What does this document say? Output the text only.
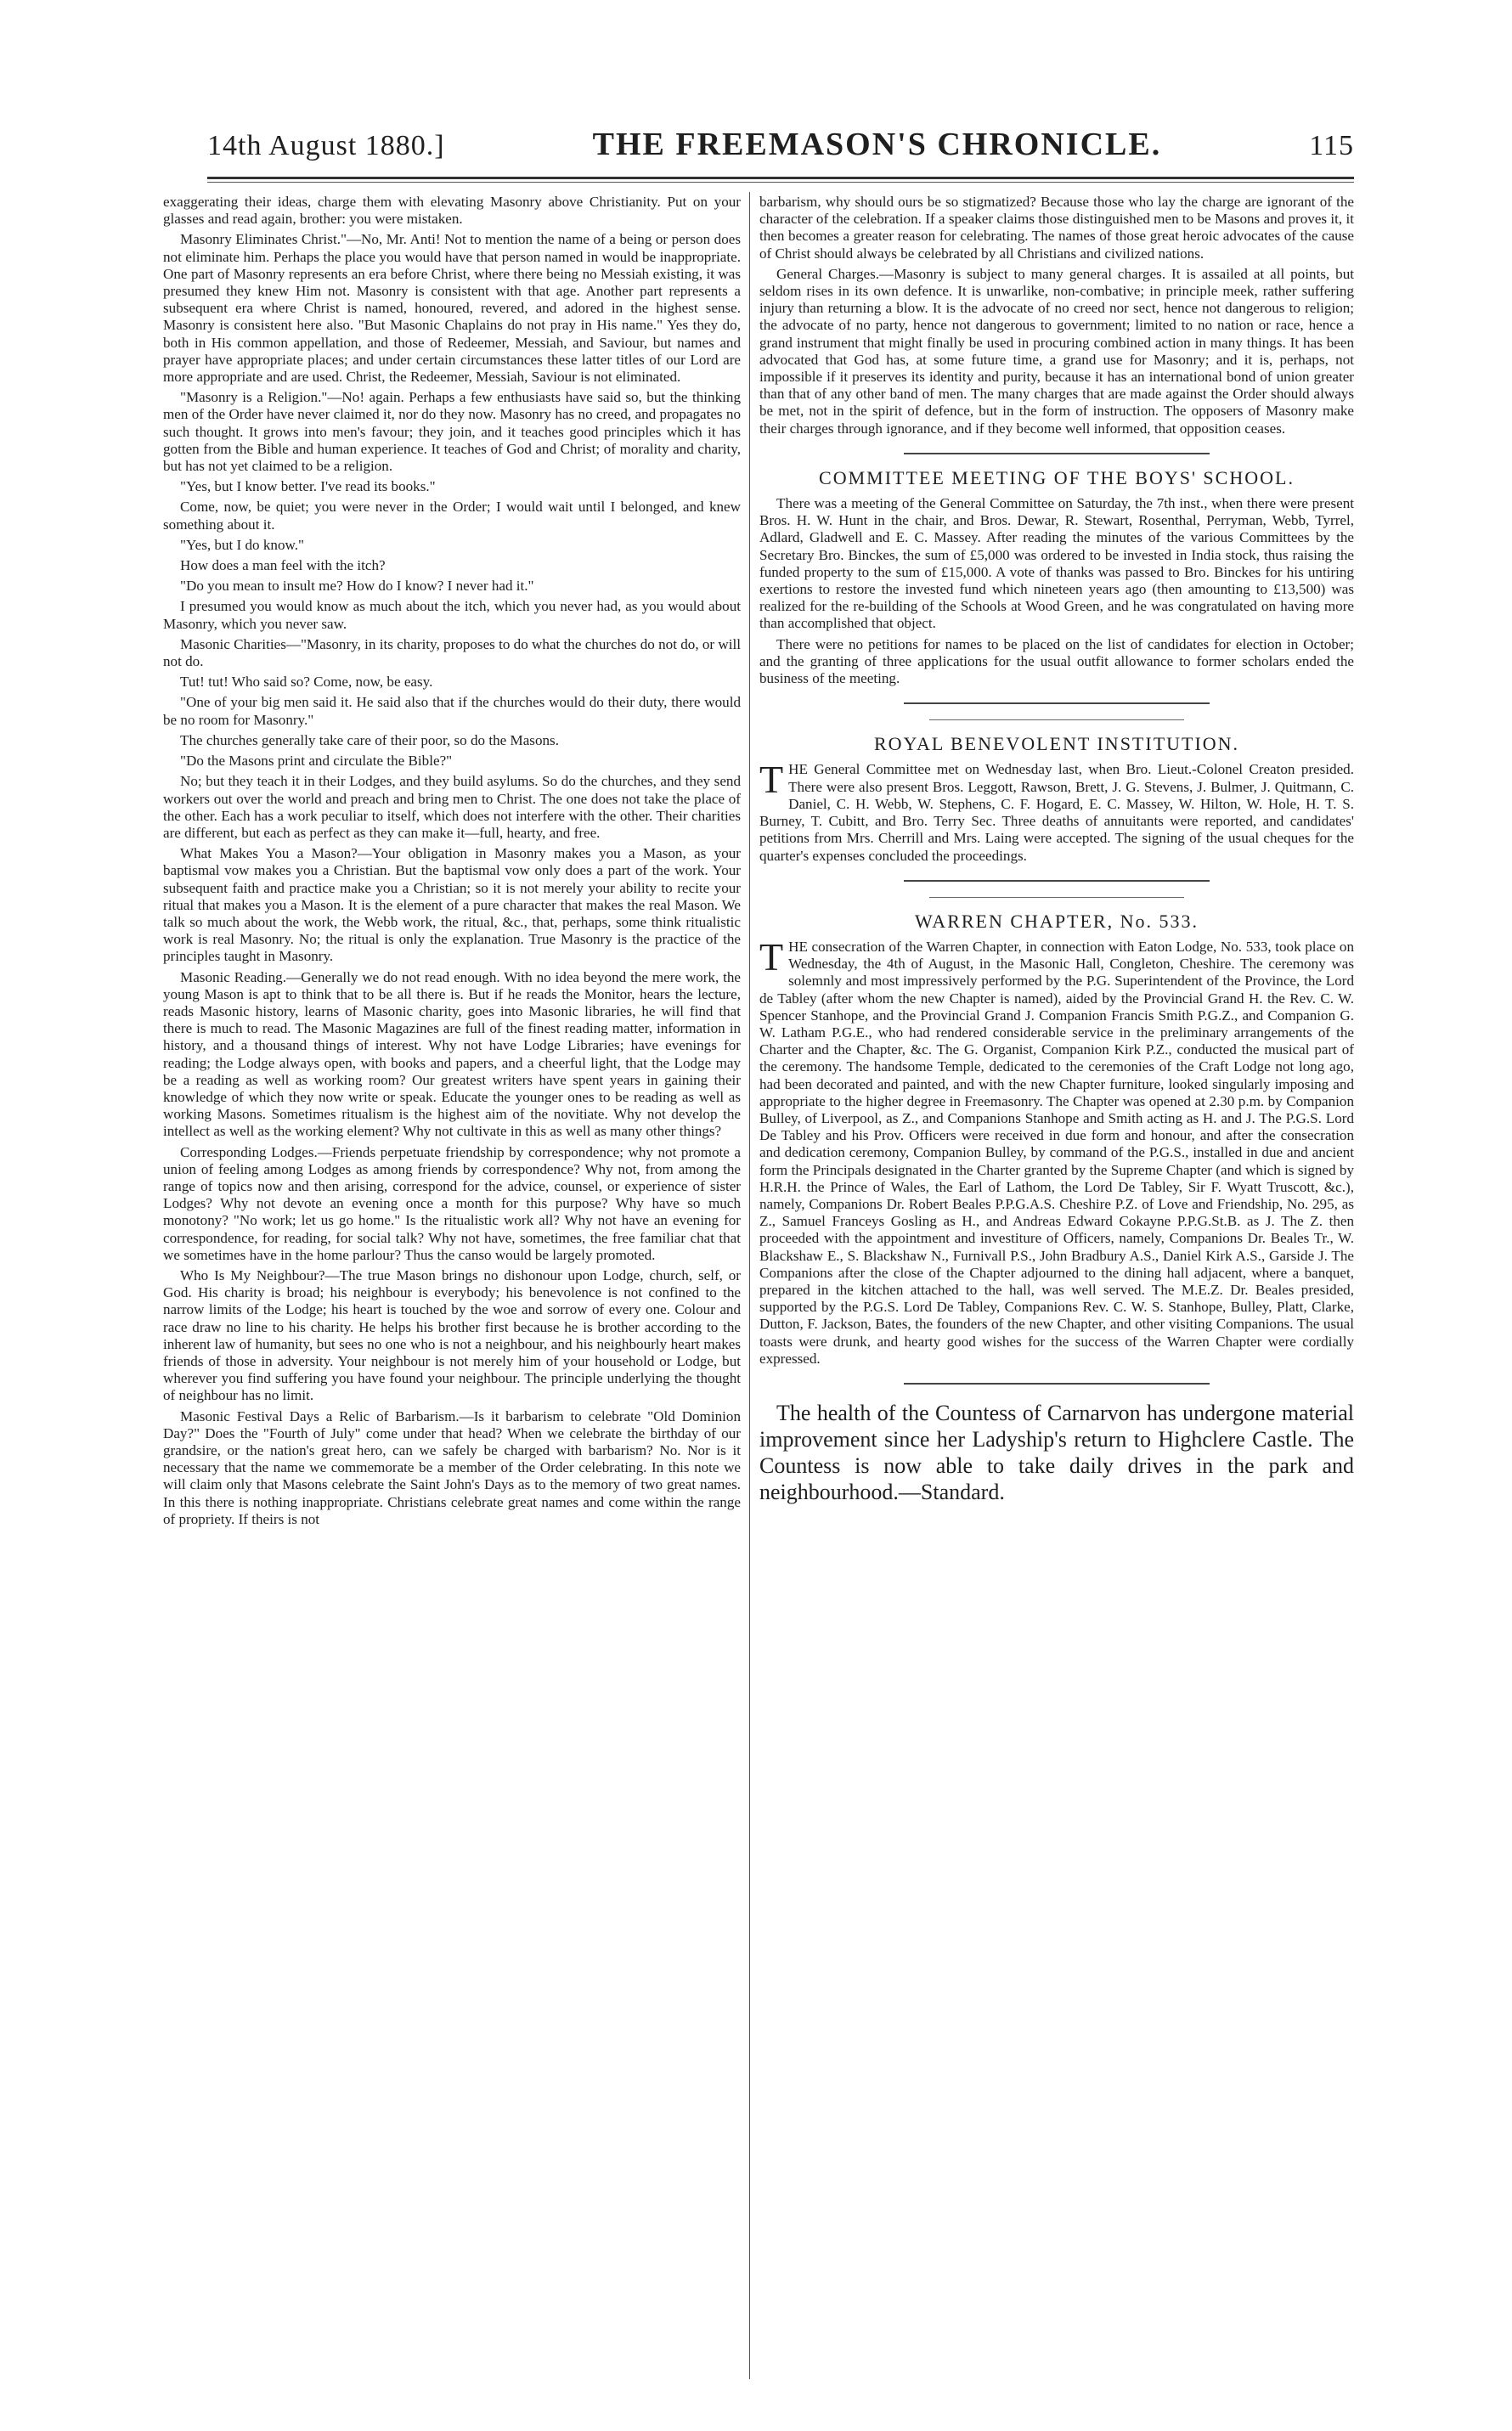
14th August 1880.]	THE FREEMASON'S CHRONICLE.	115

exaggerating their ideas, charge them with elevating Masonry above Christianity. Put on your glasses and read again, brother: you were mistaken.

Masonry Eliminates Christ."—No, Mr. Anti! Not to mention the name of a being or person does not eliminate him. Perhaps the place you would have that person named in would be inappropriate. One part of Masonry represents an era before Christ, where there being no Messiah existing, it was presumed they knew Him not. Masonry is consistent with that age. Another part represents a subsequent era where Christ is named, honoured, revered, and adored in the highest sense. Masonry is consistent here also. "But Masonic Chaplains do not pray in His name." Yes they do, both in His common appellation, and those of Redeemer, Messiah, and Saviour, but names and prayer have appropriate places; and under certain circumstances these latter titles of our Lord are more appropriate and are used. Christ, the Redeemer, Messiah, Saviour is not eliminated.

"Masonry is a Religion."—No! again. Perhaps a few enthusiasts have said so, but the thinking men of the Order have never claimed it, nor do they now. Masonry has no creed, and propagates no such thought. It grows into men's favour; they join, and it teaches good principles which it has gotten from the Bible and human experience. It teaches of God and Christ; of morality and charity, but has not yet claimed to be a religion.

"Yes, but I know better. I've read its books."

Come, now, be quiet; you were never in the Order; I would wait until I belonged, and knew something about it.

"Yes, but I do know."

How does a man feel with the itch?

"Do you mean to insult me? How do I know? I never had it."

I presumed you would know as much about the itch, which you never had, as you would about Masonry, which you never saw.

Masonic Charities—"Masonry, in its charity, proposes to do what the churches do not do, or will not do.

Tut! tut! Who said so? Come, now, be easy.

"One of your big men said it. He said also that if the churches would do their duty, there would be no room for Masonry."

The churches generally take care of their poor, so do the Masons.

"Do the Masons print and circulate the Bible?"

No; but they teach it in their Lodges, and they build asylums. So do the churches, and they send workers out over the world and preach and bring men to Christ. The one does not take the place of the other. Each has a work peculiar to itself, which does not interfere with the other. Their charities are different, but each as perfect as they can make it—full, hearty, and free.

What Makes You a Mason?—Your obligation in Masonry makes you a Mason, as your baptismal vow makes you a Christian. But the baptismal vow only does a part of the work. Your subsequent faith and practice make you a Christian; so it is not merely your ability to recite your ritual that makes you a Mason. It is the element of a pure character that makes the real Mason. We talk so much about the work, the Webb work, the ritual, &c., that, perhaps, some think ritualistic work is real Masonry. No; the ritual is only the explanation. True Masonry is the practice of the principles taught in Masonry.

Masonic Reading.—Generally we do not read enough. With no idea beyond the mere work, the young Mason is apt to think that to be all there is. But if he reads the Monitor, hears the lecture, reads Masonic history, learns of Masonic charity, goes into Masonic libraries, he will find that there is much to read. The Masonic Magazines are full of the finest reading matter, information in history, and a thousand things of interest. Why not have Lodge Libraries; have evenings for reading; the Lodge always open, with books and papers, and a cheerful light, that the Lodge may be a reading as well as working room? Our greatest writers have spent years in gaining their knowledge of which they now write or speak. Educate the younger ones to be reading as well as working Masons. Sometimes ritualism is the highest aim of the novitiate. Why not develop the intellect as well as the working element? Why not cultivate in this as well as many other things?

Corresponding Lodges.—Friends perpetuate friendship by correspondence; why not promote a union of feeling among Lodges as among friends by correspondence? Why not, from among the range of topics now and then arising, correspond for the advice, counsel, or experience of sister Lodges? Why not devote an evening once a month for this purpose? Why have so much monotony? "No work; let us go home." Is the ritualistic work all? Why not have an evening for correspondence, for reading, for social talk? Why not have, sometimes, the free familiar chat that we sometimes have in the home parlour? Thus the canso would be largely promoted.

Who Is My Neighbour?—The true Mason brings no dishonour upon Lodge, church, self, or God. His charity is broad; his neighbour is everybody; his benevolence is not confined to the narrow limits of the Lodge; his heart is touched by the woe and sorrow of every one. Colour and race draw no line to his charity. He helps his brother first because he is brother according to the inherent law of humanity, but sees no one who is not a neighbour, and his neighbourly heart makes friends of those in adversity. Your neighbour is not merely him of your household or Lodge, but wherever you find suffering you have found your neighbour. The principle underlying the thought of neighbour has no limit.

Masonic Festival Days a Relic of Barbarism.—Is it barbarism to celebrate "Old Dominion Day?" Does the "Fourth of July" come under that head? When we celebrate the birthday of our grandsire, or the nation's great hero, can we safely be charged with barbarism? No. Nor is it necessary that the name we commemorate be a member of the Order celebrating. In this note we will claim only that Masons celebrate the Saint John's Days as to the memory of two great names. In this there is nothing inappropriate. Christians celebrate great names and come within the range of propriety. If theirs is not

barbarism, why should ours be so stigmatized? Because those who lay the charge are ignorant of the character of the celebration. If a speaker claims those distinguished men to be Masons and proves it, it then becomes a greater reason for celebrating. The names of those great heroic advocates of the cause of Christ should always be celebrated by all Christians and civilized nations.

General Charges.—Masonry is subject to many general charges. It is assailed at all points, but seldom rises in its own defence. It is unwarlike, non-combative; in principle meek, rather suffering injury than returning a blow. It is the advocate of no creed nor sect, hence not dangerous to religion; the advocate of no party, hence not dangerous to government; limited to no nation or race, hence a grand instrument that might finally be used in procuring combined action in many things. It has been advocated that God has, at some future time, a grand use for Masonry; and it is, perhaps, not impossible if it preserves its identity and purity, because it has an international bond of union greater than that of any other band of men. The many charges that are made against the Order should always be met, not in the spirit of defence, but in the form of instruction. The opposers of Masonry make their charges through ignorance, and if they become well informed, that opposition ceases.

COMMITTEE MEETING OF THE BOYS' SCHOOL.

There was a meeting of the General Committee on Saturday, the 7th inst., when there were present Bros. H. W. Hunt in the chair, and Bros. Dewar, R. Stewart, Rosenthal, Perryman, Webb, Tyrrel, Adlard, Gladwell and E. C. Massey. After reading the minutes of the various Committees by the Secretary Bro. Binckes, the sum of £5,000 was ordered to be invested in India stock, thus raising the funded property to the sum of £15,000. A vote of thanks was passed to Bro. Binckes for his untiring exertions to restore the invested fund which nineteen years ago (then amounting to £13,500) was realized for the re-building of the Schools at Wood Green, and he was congratulated on having more than accomplished that object.

There were no petitions for names to be placed on the list of candidates for election in October; and the granting of three applications for the usual outfit allowance to former scholars ended the business of the meeting.

ROYAL BENEVOLENT INSTITUTION.

THE General Committee met on Wednesday last, when Bro. Lieut.-Colonel Creaton presided. There were also present Bros. Leggott, Rawson, Brett, J. G. Stevens, J. Bulmer, J. Quitmann, C. Daniel, C. H. Webb, W. Stephens, C. F. Hogard, E. C. Massey, W. Hilton, W. Hole, H. T. S. Burney, T. Cubitt, and Bro. Terry Sec. Three deaths of annuitants were reported, and candidates' petitions from Mrs. Cherrill and Mrs. Laing were accepted. The signing of the usual cheques for the quarter's expenses concluded the proceedings.

WARREN CHAPTER, No. 533.

THE consecration of the Warren Chapter, in connection with Eaton Lodge, No. 533, took place on Wednesday, the 4th of August, in the Masonic Hall, Congleton, Cheshire. The ceremony was solemnly and most impressively performed by the P.G. Superintendent of the Province, the Lord de Tabley (after whom the new Chapter is named), aided by the Provincial Grand H. the Rev. C. W. Spencer Stanhope, and the Provincial Grand J. Companion Francis Smith P.G.Z., and Companion G. W. Latham P.G.E., who had rendered considerable service in the preliminary arrangements of the Charter and the Chapter, &c. The G. Organist, Companion Kirk P.Z., conducted the musical part of the ceremony. The handsome Temple, dedicated to the ceremonies of the Craft Lodge not long ago, had been decorated and painted, and with the new Chapter furniture, looked singularly imposing and appropriate to the higher degree in Freemasonry. The Chapter was opened at 2.30 p.m. by Companion Bulley, of Liverpool, as Z., and Companions Stanhope and Smith acting as H. and J. The P.G.S. Lord De Tabley and his Prov. Officers were received in due form and honour, and after the consecration and dedication ceremony, Companion Bulley, by command of the P.G.S., installed in due and ancient form the Principals designated in the Charter granted by the Supreme Chapter (and which is signed by H.R.H. the Prince of Wales, the Earl of Lathom, the Lord De Tabley, Sir F. Wyatt Truscott, &c.), namely, Companions Dr. Robert Beales P.P.G.A.S. Cheshire P.Z. of Love and Friendship, No. 295, as Z., Samuel Franceys Gosling as H., and Andreas Edward Cokayne P.P.G.St.B. as J. The Z. then proceeded with the appointment and investiture of Officers, namely, Companions Dr. Beales Tr., W. Blackshaw E., S. Blackshaw N., Furnivall P.S., John Bradbury A.S., Daniel Kirk A.S., Garside J. The Companions after the close of the Chapter adjourned to the dining hall adjacent, where a banquet, prepared in the kitchen attached to the hall, was well served. The M.E.Z. Dr. Beales presided, supported by the P.G.S. Lord De Tabley, Companions Rev. C. W. S. Stanhope, Bulley, Platt, Clarke, Dutton, F. Jackson, Bates, the founders of the new Chapter, and other visiting Companions. The usual toasts were drunk, and hearty good wishes for the success of the Warren Chapter were cordially expressed.

The health of the Countess of Carnarvon has undergone material improvement since her Ladyship's return to Highclere Castle. The Countess is now able to take daily drives in the park and neighbourhood.—Standard.
